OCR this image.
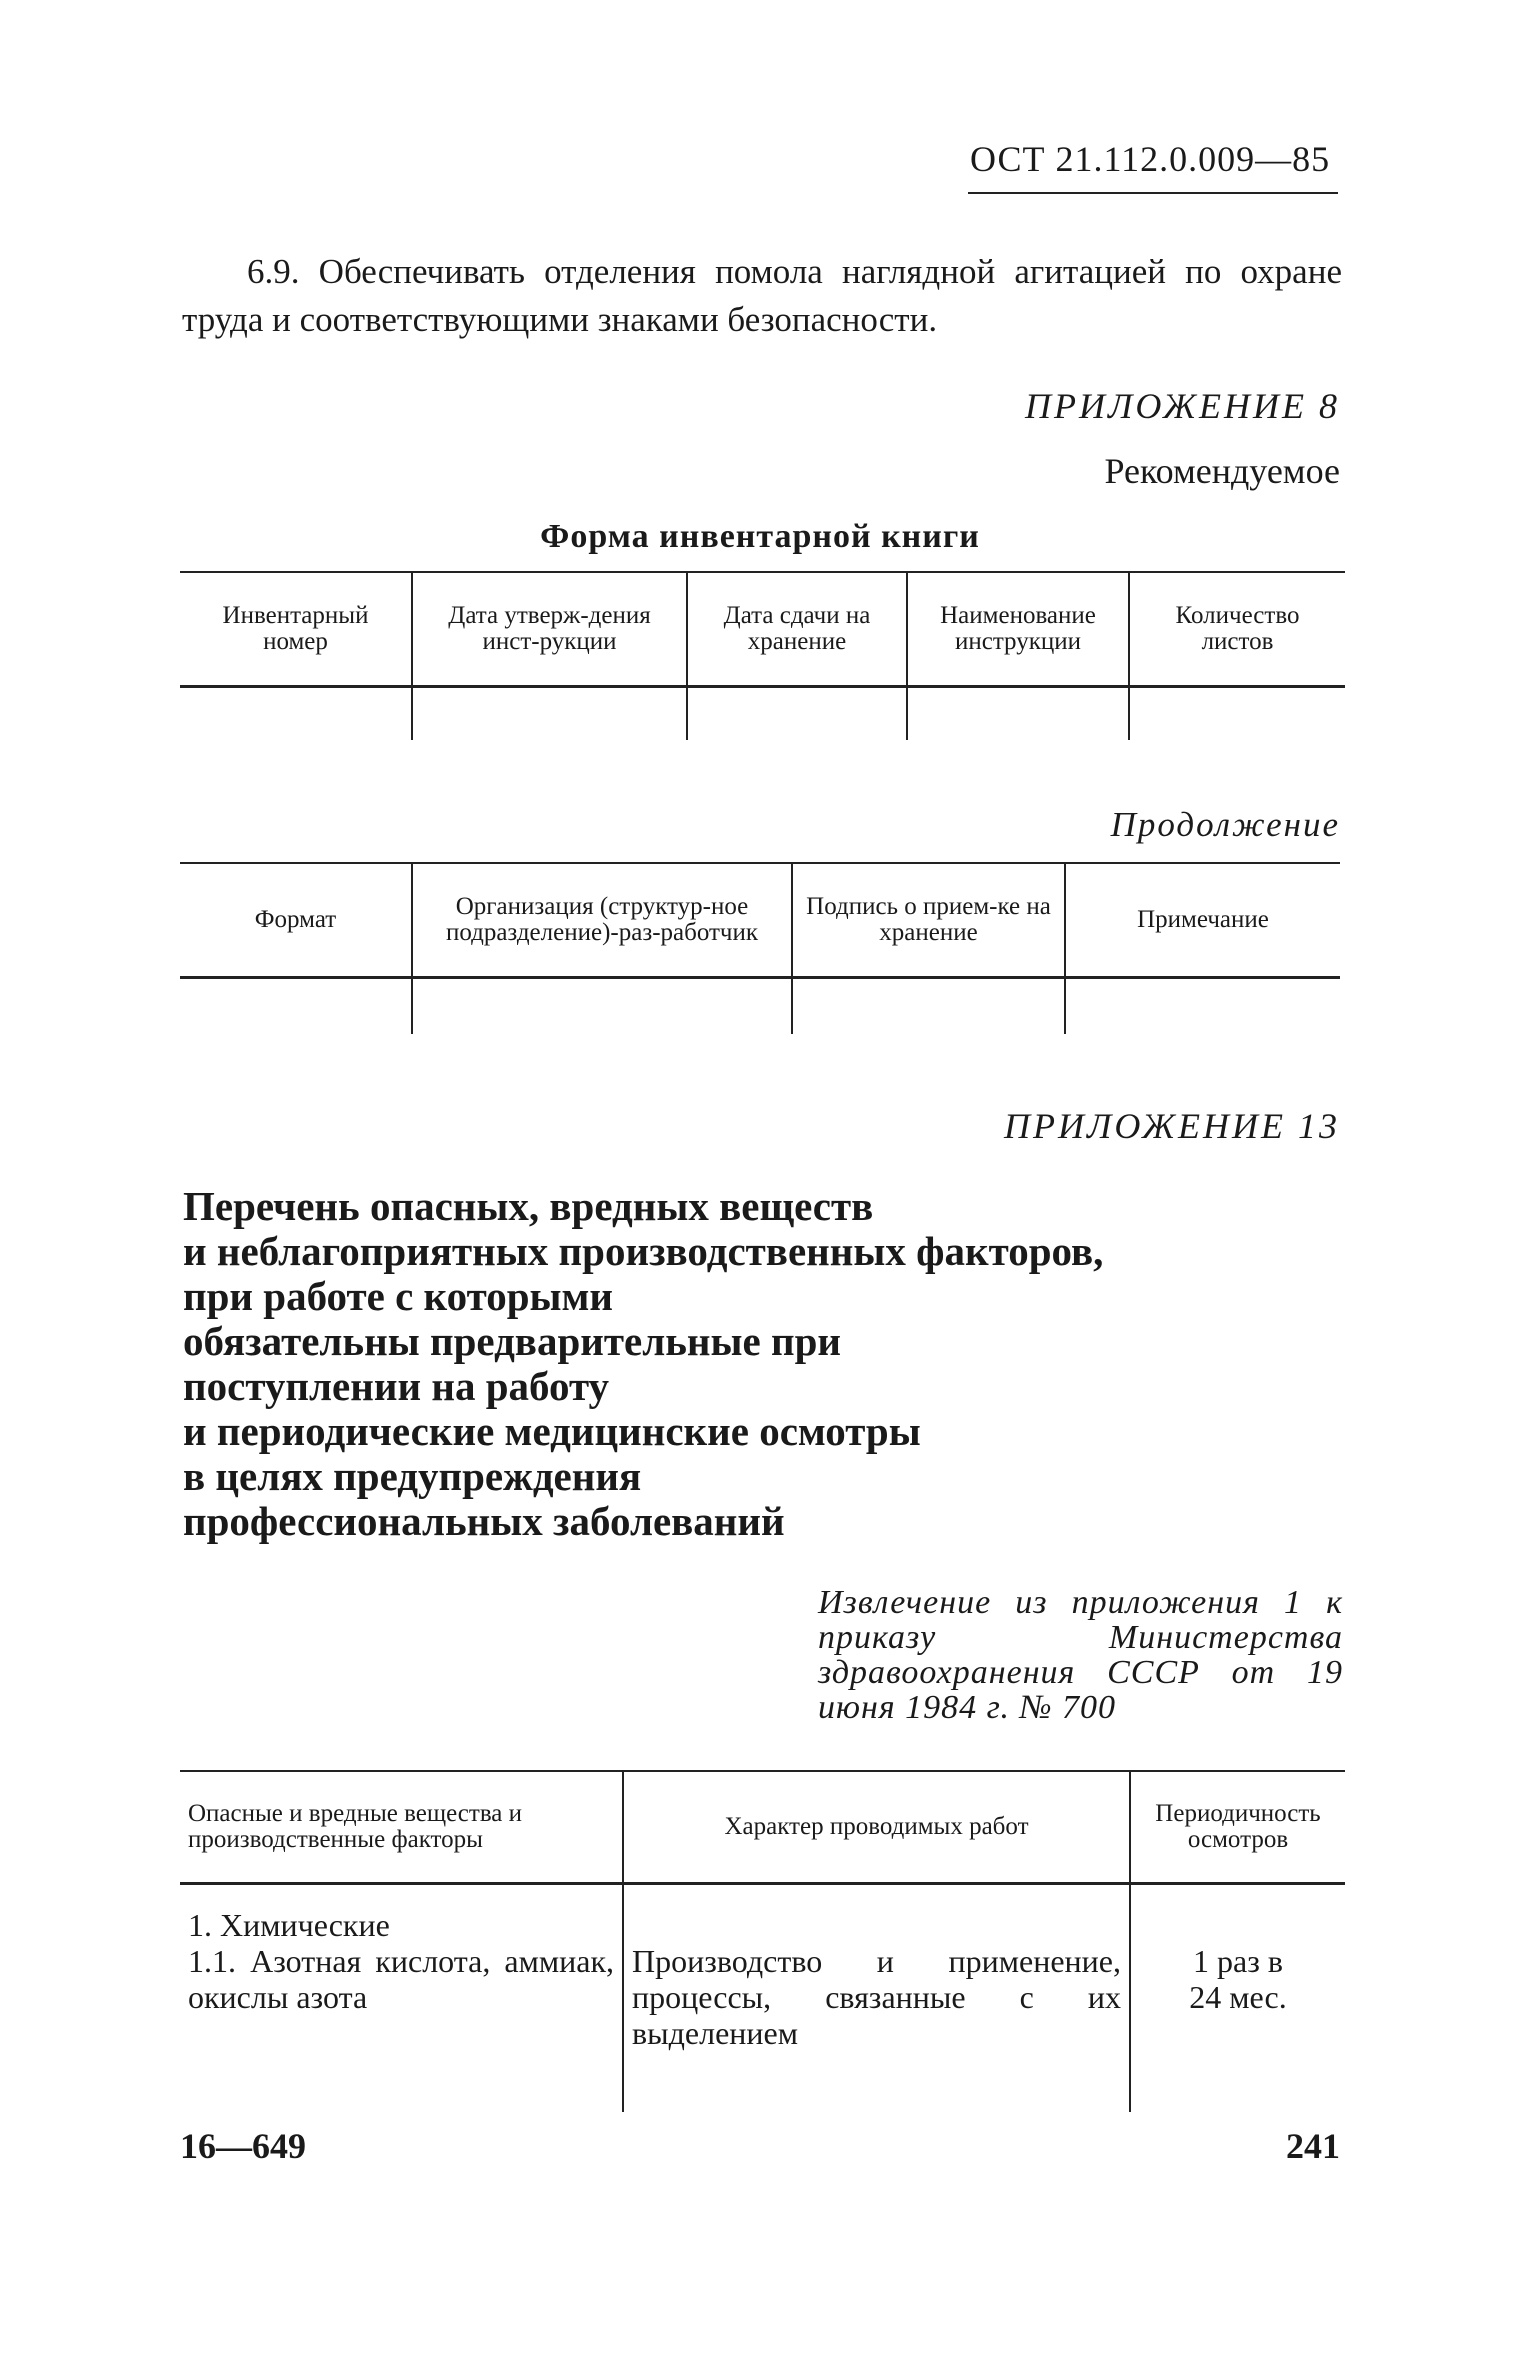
ОСТ 21.112.0.009—85
6.9. Обеспечивать отделения помола наглядной агитацией по охране труда и соответствующими знаками безопасности.
ПРИЛОЖЕНИЕ 8
Рекомендуемое
Форма инвентарной книги
Инвентарный номер	Дата утверж-дения инст-рукции	Дата сдачи на хранение	Наименование инструкции	Количество листов

Продолжение
Формат	Организация (структур-ное подразделение)-раз-работчик	Подпись о прием-ке на хранение	Примечание

ПРИЛОЖЕНИЕ 13
Перечень опасных, вредных веществ
и неблагоприятных производственных факторов,
при работе с которыми
обязательны предварительные при
поступлении на работу
и периодические медицинские осмотры
в целях предупреждения
профессиональных заболеваний
Извлечение из приложения 1 к приказу Министерства здравоохранения СССР от 19 июня 1984 г. № 700
Опасные и вредные вещества и производственные факторы	Характер проводимых работ	Периодичность осмотров

1. Химические
1.1. Азотная кислота, аммиак, окислы азота	Производство и применение, процессы, связанные с их выделением	1 раз в 24 мес.
16—649	241
